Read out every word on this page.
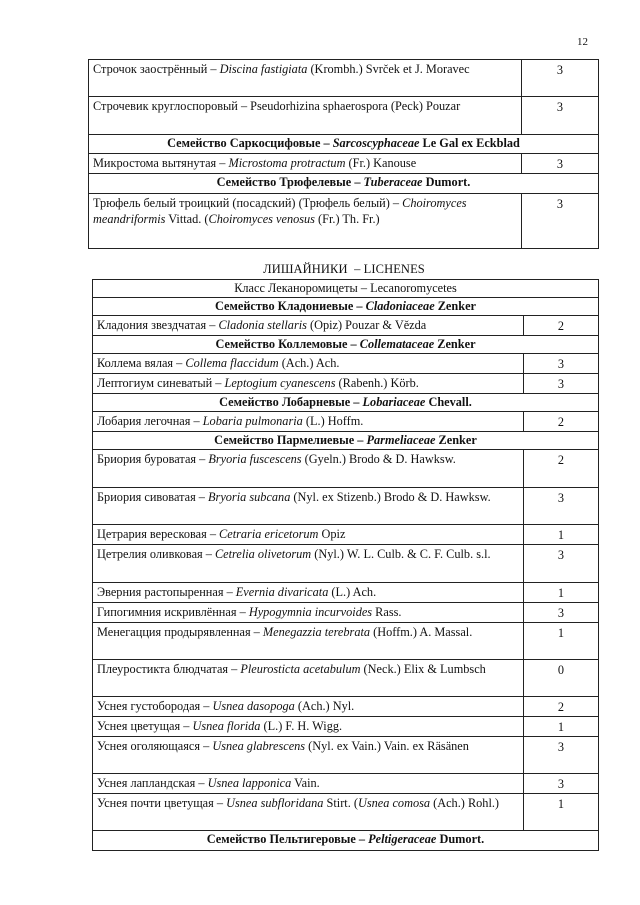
12
Строчок заострённый – Discina fastigiata (Krombh.) Svrček et J. Moravec	3
Строчевик круглоспоровый – Pseudorhizina sphaerospora (Peck) Pouzar	3
Семейство Саркосцифовые – Sarcoscyphaceae Le Gal ex Eckblad	
Микростома вытянутая – Microstoma protractum (Fr.) Kanouse	3
Семейство Трюфелевые – Tuberaceae Dumort.	
Трюфель белый троицкий (посадский) (Трюфель белый) – Choiromyces meandriformis Vittad. (Choiromyces venosus (Fr.) Th. Fr.)	3
ЛИШАЙНИКИ  – LICHENES
Класс Леканоромицеты – Lecanoromycetes	
Семейство Кладониевые – Cladoniaceae Zenker	
Кладония звездчатая – Cladonia stellaris (Opiz) Pouzar & Vězda	2
Семейство Коллемовые – Collemataceae Zenker	
Коллема вялая – Collema flaccidum (Ach.) Ach.	3
Лептогиум синеватый – Leptogium cyanescens (Rabenh.) Körb.	3
Семейство Лобарневые – Lobariaceae Chevall.	
Лобария легочная – Lobaria pulmonaria (L.) Hoffm.	2
Семейство Пармелиевые – Parmeliaceae Zenker	
Бриория буроватая – Bryoria fuscescens (Gyeln.) Brodo & D. Hawksw.	2
Бриория сивоватая – Bryoria subcana (Nyl. ex Stizenb.) Brodo & D. Hawksw.	3
Цетрария вересковая – Cetraria ericetorum Opiz	1
Цетрелия оливковая – Cetrelia olivetorum (Nyl.) W. L. Culb. & C. F. Culb. s.l.	3
Эверния растопыренная – Evernia divaricata (L.) Ach.	1
Гипогимния искривлённая – Hypogymnia incurvoides Rass.	3
Менегацция продырявленная – Menegazzia terebrata (Hoffm.) A. Massal.	1
Плеуростикта блюдчатая – Pleurosticta acetabulum (Neck.) Elix & Lumbsch	0
Уснея густобородая – Usnea dasopoga (Ach.) Nyl.	2
Уснея цветущая – Usnea florida (L.) F. H. Wigg.	1
Уснея оголяющаяся – Usnea glabrescens (Nyl. ex Vain.) Vain. ex Räsänen	3
Уснея лапландская – Usnea lapponica Vain.	3
Уснея почти цветущая – Usnea subfloridana Stirt. (Usnea comosa (Ach.) Rohl.)	1
Семейство Пельтигеровые – Peltigeraceae Dumort.	
